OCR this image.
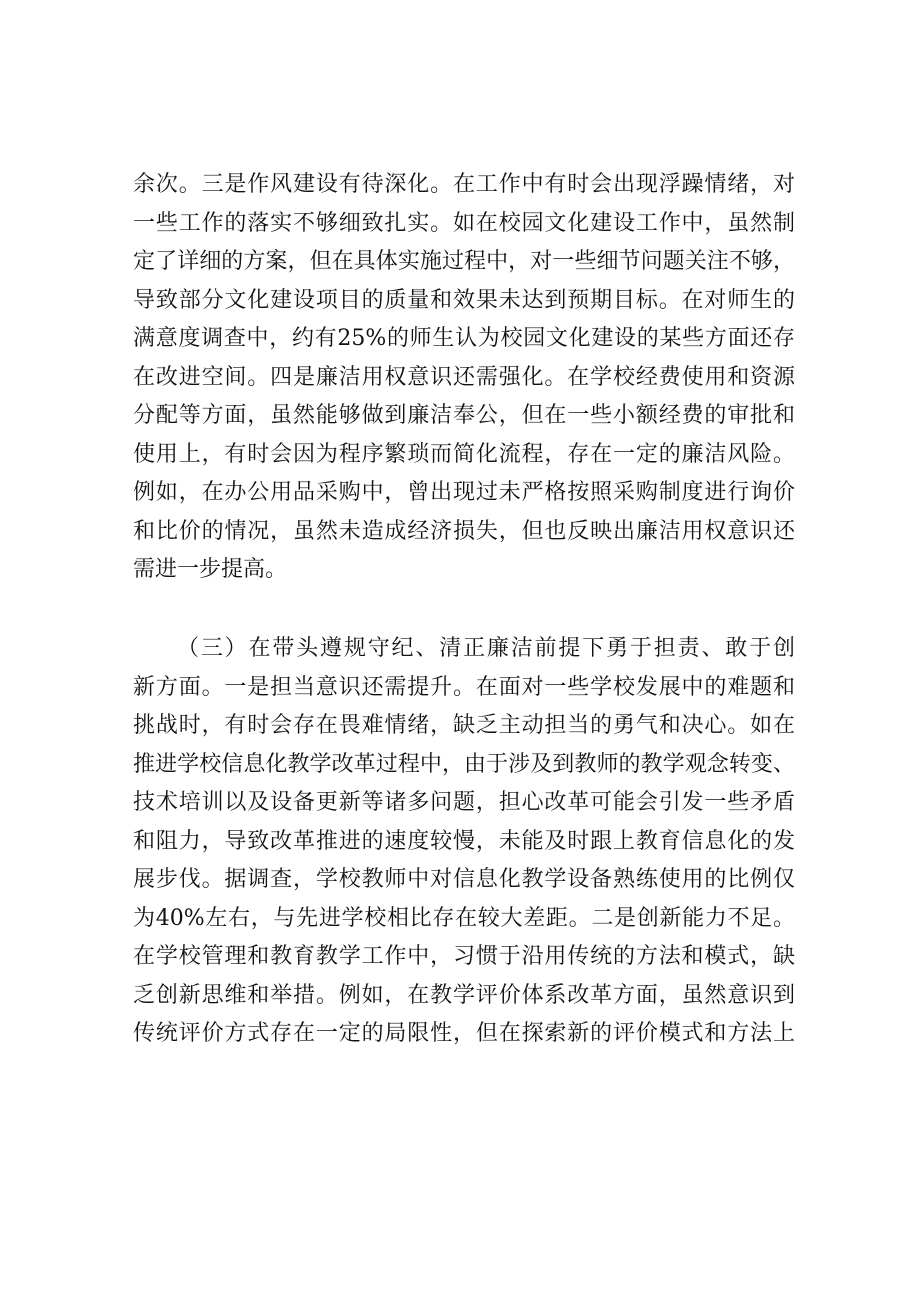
余次。三是作风建设有待深化。在工作中有时会出现浮躁情绪，对
一些工作的落实不够细致扎实。如在校园文化建设工作中，虽然制
定了详细的方案，但在具体实施过程中，对一些细节问题关注不够，
导致部分文化建设项目的质量和效果未达到预期目标。在对师生的
满意度调查中，约有25%的师生认为校园文化建设的某些方面还存
在改进空间。四是廉洁用权意识还需强化。在学校经费使用和资源
分配等方面，虽然能够做到廉洁奉公，但在一些小额经费的审批和
使用上，有时会因为程序繁琐而简化流程，存在一定的廉洁风险。
例如，在办公用品采购中，曾出现过未严格按照采购制度进行询价
和比价的情况，虽然未造成经济损失，但也反映出廉洁用权意识还
需进一步提高。
（三）在带头遵规守纪、清正廉洁前提下勇于担责、敢于创
新方面。一是担当意识还需提升。在面对一些学校发展中的难题和
挑战时，有时会存在畏难情绪，缺乏主动担当的勇气和决心。如在
推进学校信息化教学改革过程中，由于涉及到教师的教学观念转变、
技术培训以及设备更新等诸多问题，担心改革可能会引发一些矛盾
和阻力，导致改革推进的速度较慢，未能及时跟上教育信息化的发
展步伐。据调查，学校教师中对信息化教学设备熟练使用的比例仅
为40%左右，与先进学校相比存在较大差距。二是创新能力不足。
在学校管理和教育教学工作中，习惯于沿用传统的方法和模式，缺
乏创新思维和举措。例如，在教学评价体系改革方面，虽然意识到
传统评价方式存在一定的局限性，但在探索新的评价模式和方法上
